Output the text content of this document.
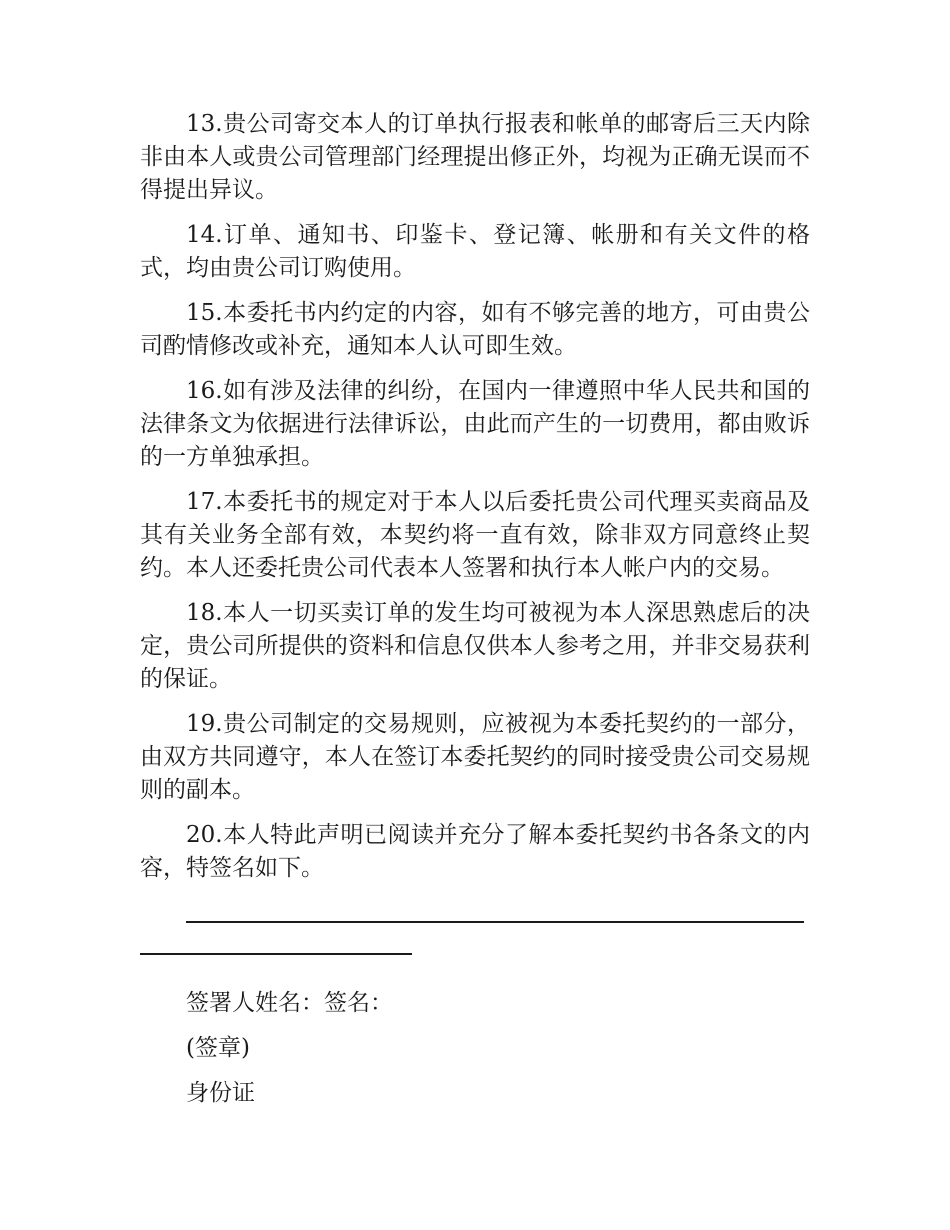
13.贵公司寄交本人的订单执行报表和帐单的邮寄后三天内除非由本人或贵公司管理部门经理提出修正外，均视为正确无误而不得提出异议。

14.订单、通知书、印鉴卡、登记簿、帐册和有关文件的格式，均由贵公司订购使用。

15.本委托书内约定的内容，如有不够完善的地方，可由贵公司酌情修改或补充，通知本人认可即生效。

16.如有涉及法律的纠纷，在国内一律遵照中华人民共和国的法律条文为依据进行法律诉讼，由此而产生的一切费用，都由败诉的一方单独承担。

17.本委托书的规定对于本人以后委托贵公司代理买卖商品及其有关业务全部有效，本契约将一直有效，除非双方同意终止契约。本人还委托贵公司代表本人签署和执行本人帐户内的交易。

18.本人一切买卖订单的发生均可被视为本人深思熟虑后的决定，贵公司所提供的资料和信息仅供本人参考之用，并非交易获利的保证。

19.贵公司制定的交易规则，应被视为本委托契约的一部分，由双方共同遵守，本人在签订本委托契约的同时接受贵公司交易规则的副本。

20.本人特此声明已阅读并充分了解本委托契约书各条文的内容，特签名如下。

签署人姓名：签名：

(签章)

身份证
